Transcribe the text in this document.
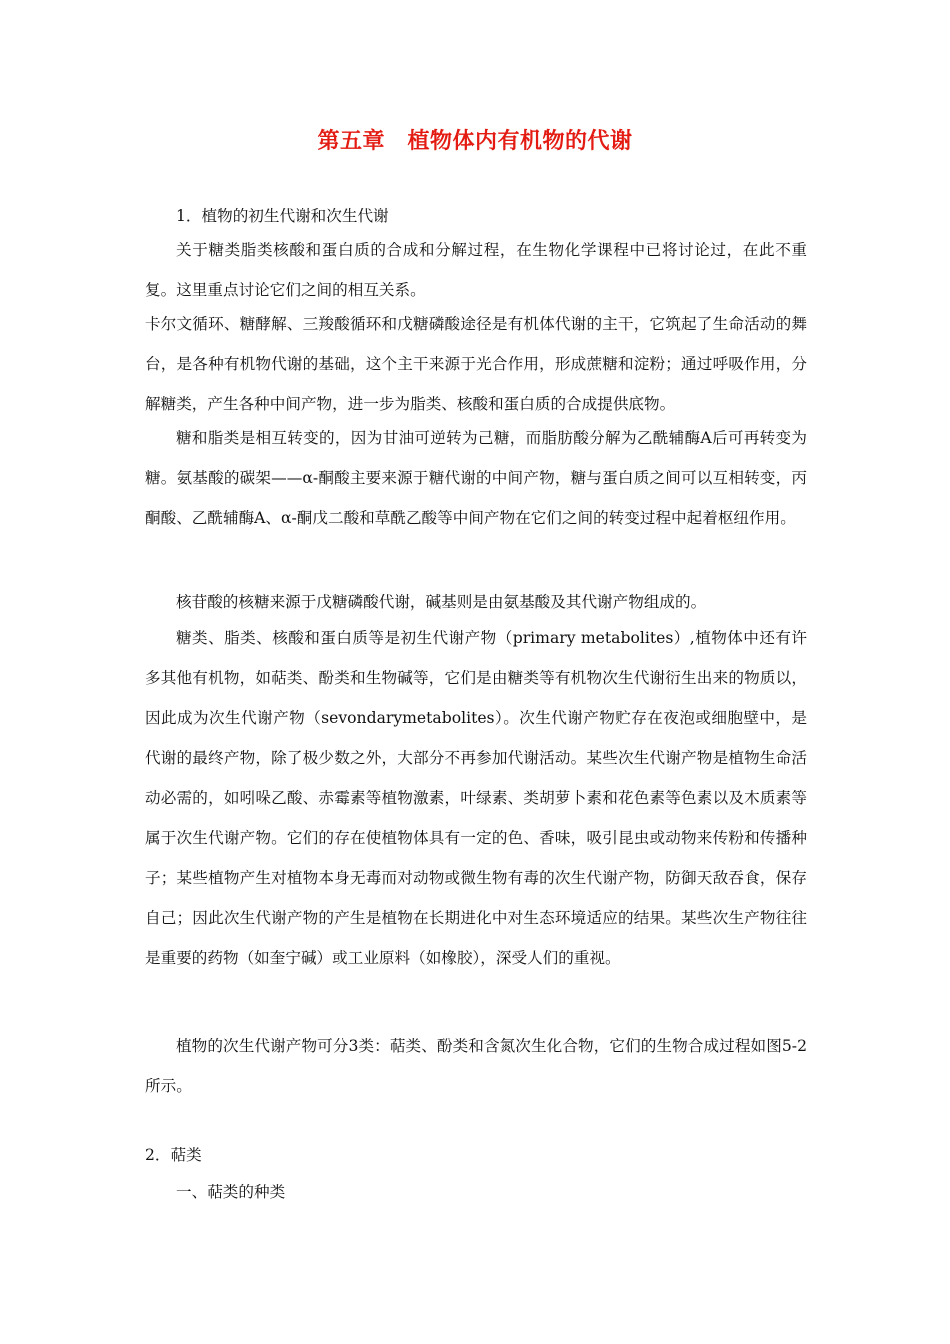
第五章　植物体内有机物的代谢
1．植物的初生代谢和次生代谢
关于糖类脂类核酸和蛋白质的合成和分解过程，在生物化学课程中已将讨论过，在此不重复。这里重点讨论它们之间的相互关系。
卡尔文循环、糖酵解、三羧酸循环和戊糖磷酸途径是有机体代谢的主干，它筑起了生命活动的舞台，是各种有机物代谢的基础，这个主干来源于光合作用，形成蔗糖和淀粉；通过呼吸作用，分解糖类，产生各种中间产物，进一步为脂类、核酸和蛋白质的合成提供底物。
糖和脂类是相互转变的，因为甘油可逆转为己糖，而脂肪酸分解为乙酰辅酶A后可再转变为糖。氨基酸的碳架——α-酮酸主要来源于糖代谢的中间产物，糖与蛋白质之间可以互相转变，丙酮酸、乙酰辅酶A、α-酮戊二酸和草酰乙酸等中间产物在它们之间的转变过程中起着枢纽作用。
核苷酸的核糖来源于戊糖磷酸代谢，碱基则是由氨基酸及其代谢产物组成的。
糖类、脂类、核酸和蛋白质等是初生代谢产物（primary metabolites）,植物体中还有许多其他有机物，如萜类、酚类和生物碱等，它们是由糖类等有机物次生代谢衍生出来的物质以，因此成为次生代谢产物（sevondarymetabolites）。次生代谢产物贮存在夜泡或细胞壁中，是代谢的最终产物，除了极少数之外，大部分不再参加代谢活动。某些次生代谢产物是植物生命活动必需的，如吲哚乙酸、赤霉素等植物激素，叶绿素、类胡萝卜素和花色素等色素以及木质素等属于次生代谢产物。它们的存在使植物体具有一定的色、香味，吸引昆虫或动物来传粉和传播种子；某些植物产生对植物本身无毒而对动物或微生物有毒的次生代谢产物，防御天敌吞食，保存自己；因此次生代谢产物的产生是植物在长期进化中对生态环境适应的结果。某些次生产物往往是重要的药物（如奎宁碱）或工业原料（如橡胶），深受人们的重视。
植物的次生代谢产物可分3类：萜类、酚类和含氮次生化合物，它们的生物合成过程如图5-2所示。
2．萜类
一、萜类的种类
